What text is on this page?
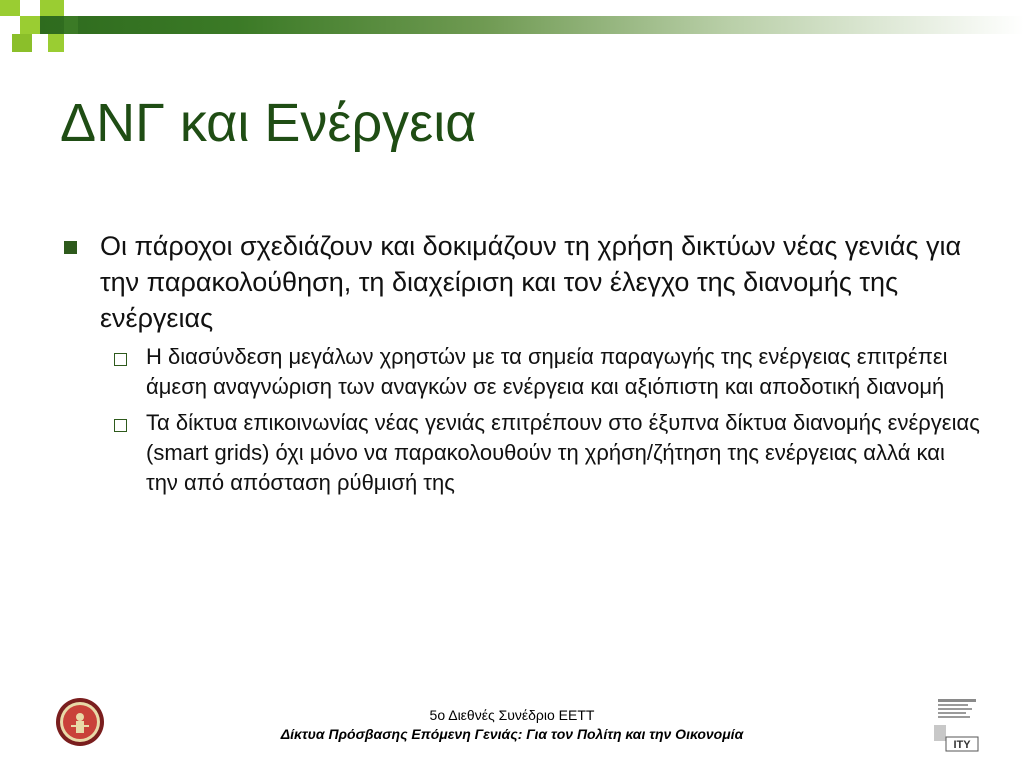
ΔΝΓ και Ενέργεια
Οι πάροχοι σχεδιάζουν και δοκιμάζουν τη χρήση δικτύων νέας γενιάς για την παρακολούθηση, τη διαχείριση και τον έλεγχο της διανομής της ενέργειας
Η διασύνδεση μεγάλων χρηστών με τα σημεία παραγωγής της ενέργειας επιτρέπει άμεση αναγνώριση των αναγκών σε ενέργεια και αξιόπιστη και αποδοτική διανομή
Τα δίκτυα επικοινωνίας νέας γενιάς επιτρέπουν στο έξυπνα δίκτυα διανομής ενέργειας (smart grids) όχι μόνο να παρακολουθούν τη χρήση/ζήτηση της ενέργειας αλλά και την από απόσταση ρύθμισή της
ITY
5ο Διεθνές Συνέδριο ΕΕΤΤ
Δίκτυα Πρόσβασης Επόμενη Γενιάς: Για τον Πολίτη και την Οικονομία
